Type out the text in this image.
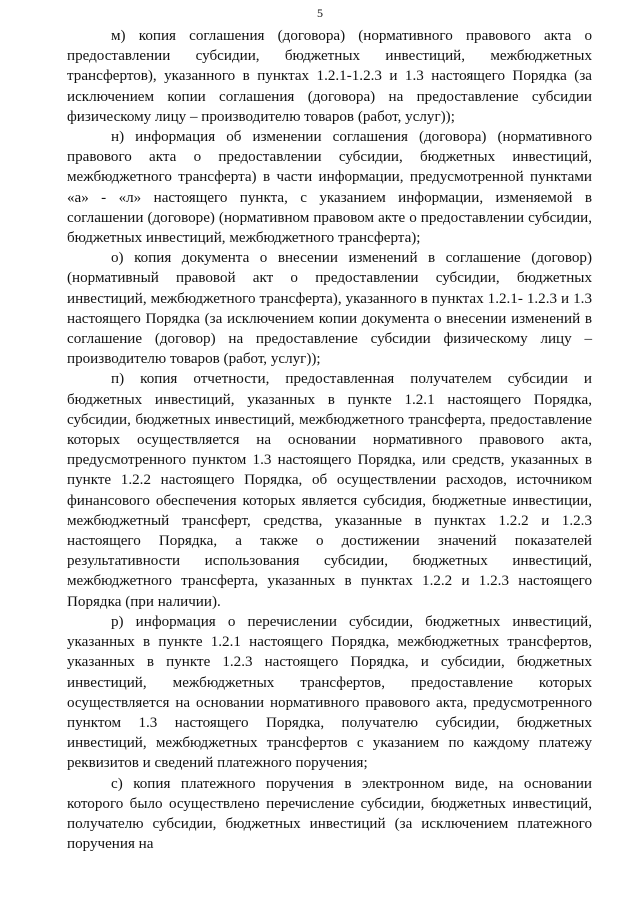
5

м) копия соглашения (договора) (нормативного правового акта о предоставлении субсидии, бюджетных инвестиций, межбюджетных трансфертов), указанного в пунктах 1.2.1-1.2.3 и 1.3 настоящего Порядка (за исключением копии соглашения (договора) на предоставление субсидии физическому лицу – производителю товаров (работ, услуг));

н) информация об изменении соглашения (договора) (нормативного правового акта о предоставлении субсидии, бюджетных инвестиций, межбюджетного трансферта) в части информации, предусмотренной пунктами «а» - «л» настоящего пункта, с указанием информации, изменяемой в соглашении (договоре) (нормативном правовом акте о предоставлении субсидии, бюджетных инвестиций, межбюджетного трансферта);

о) копия документа о внесении изменений в соглашение (договор) (нормативный правовой акт о предоставлении субсидии, бюджетных инвестиций, межбюджетного трансферта), указанного в пунктах 1.2.1- 1.2.3 и 1.3 настоящего Порядка (за исключением копии документа о внесении изменений в соглашение (договор) на предоставление субсидии физическому лицу – производителю товаров (работ, услуг));

п) копия отчетности, предоставленная получателем субсидии и бюджетных инвестиций, указанных в пункте 1.2.1 настоящего Порядка, субсидии, бюджетных инвестиций, межбюджетного трансферта, предоставление которых осуществляется на основании нормативного правового акта, предусмотренного пунктом 1.3 настоящего Порядка, или средств, указанных в пункте 1.2.2 настоящего Порядка, об осуществлении расходов, источником финансового обеспечения которых является субсидия, бюджетные инвестиции, межбюджетный трансферт, средства, указанные в пунктах 1.2.2 и 1.2.3 настоящего Порядка, а также о достижении значений показателей результативности использования субсидии, бюджетных инвестиций, межбюджетного трансферта, указанных в пунктах 1.2.2 и 1.2.3 настоящего Порядка (при наличии).

р) информация о перечислении субсидии, бюджетных инвестиций, указанных в пункте 1.2.1 настоящего Порядка, межбюджетных трансфертов, указанных в пункте 1.2.3 настоящего Порядка, и субсидии, бюджетных инвестиций, межбюджетных трансфертов, предоставление которых осуществляется на основании нормативного правового акта, предусмотренного пунктом 1.3 настоящего Порядка, получателю субсидии, бюджетных инвестиций, межбюджетных трансфертов с указанием по каждому платежу реквизитов и сведений платежного поручения;

с) копия платежного поручения в электронном виде, на основании которого было осуществлено перечисление субсидии, бюджетных инвестиций, получателю субсидии, бюджетных инвестиций (за исключением платежного поручения на
